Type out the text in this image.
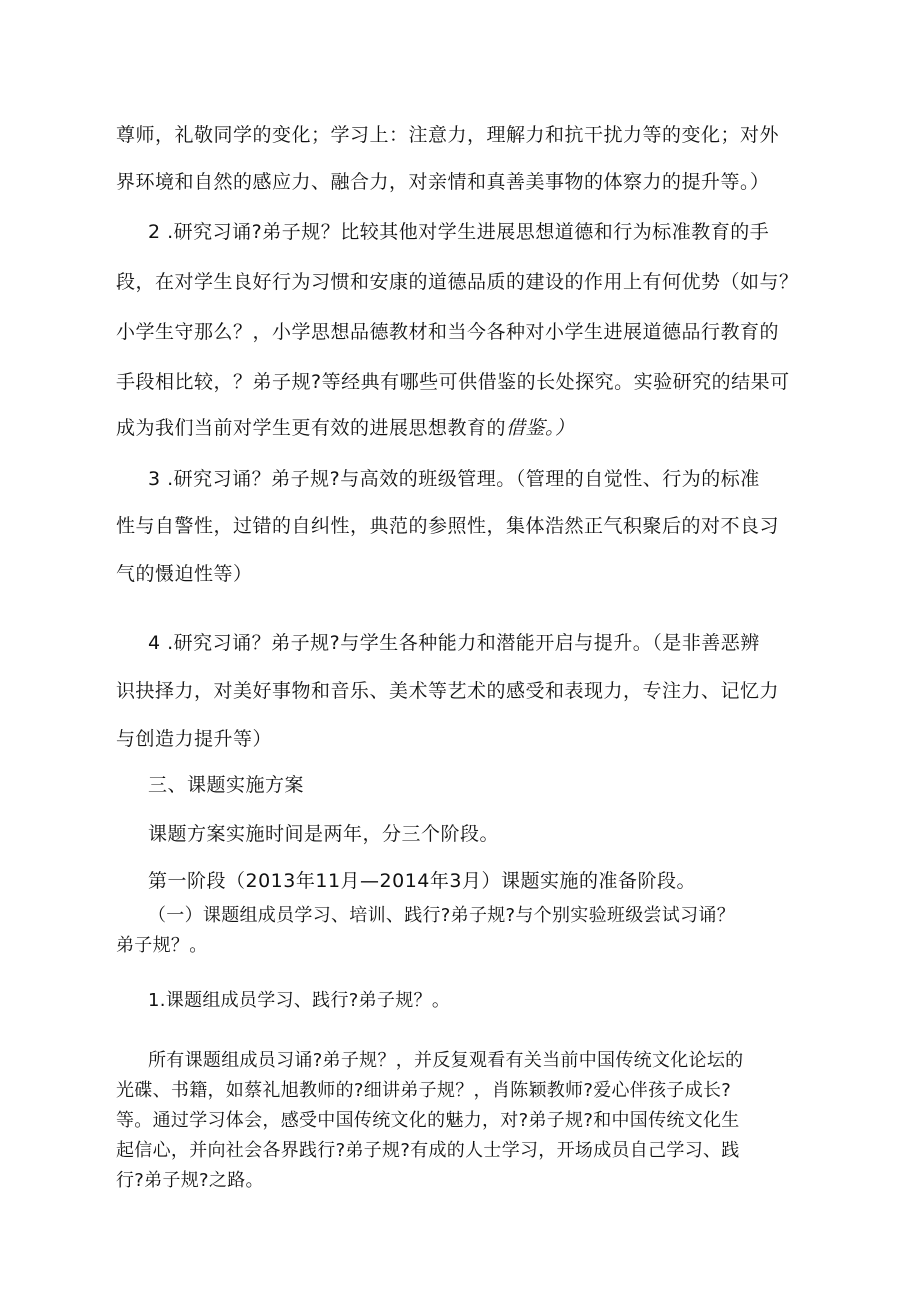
尊师，礼敬同学的变化；学习上：注意力，理解力和抗干扰力等的变化；对外
界环境和自然的感应力、融合力，对亲情和真善美事物的体察力的提升等。）
2 .研究习诵?弟子规？比较其他对学生进展思想道德和行为标准教育的手
段，在对学生良好行为习惯和安康的道德品质的建设的作用上有何优势（如与？
小学生守那么？，小学思想品德教材和当今各种对小学生进展道德品行教育的
手段相比较，？弟子规?等经典有哪些可供借鉴的长处探究。实验研究的结果可
成为我们当前对学生更有效的进展思想教育的借鉴。）
3 .研究习诵？弟子规?与高效的班级管理。（管理的自觉性、行为的标准
性与自警性，过错的自纠性，典范的参照性，集体浩然正气积聚后的对不良习
气的慑迫性等）
4 .研究习诵？弟子规?与学生各种能力和潜能开启与提升。（是非善恶辨
识抉择力，对美好事物和音乐、美术等艺术的感受和表现力，专注力、记忆力
与创造力提升等）
三、课题实施方案
课题方案实施时间是两年，分三个阶段。
第一阶段（2013年11月—2014年3月）课题实施的准备阶段。
（一）课题组成员学习、培训、践行?弟子规?与个别实验班级尝试习诵？
弟子规？。
1.课题组成员学习、践行?弟子规？。
所有课题组成员习诵?弟子规？，并反复观看有关当前中国传统文化论坛的
光碟、书籍，如蔡礼旭教师的?细讲弟子规？，肖陈颖教师?爱心伴孩子成长?
等。通过学习体会，感受中国传统文化的魅力，对?弟子规?和中国传统文化生
起信心，并向社会各界践行?弟子规?有成的人士学习，开场成员自己学习、践
行?弟子规?之路。
